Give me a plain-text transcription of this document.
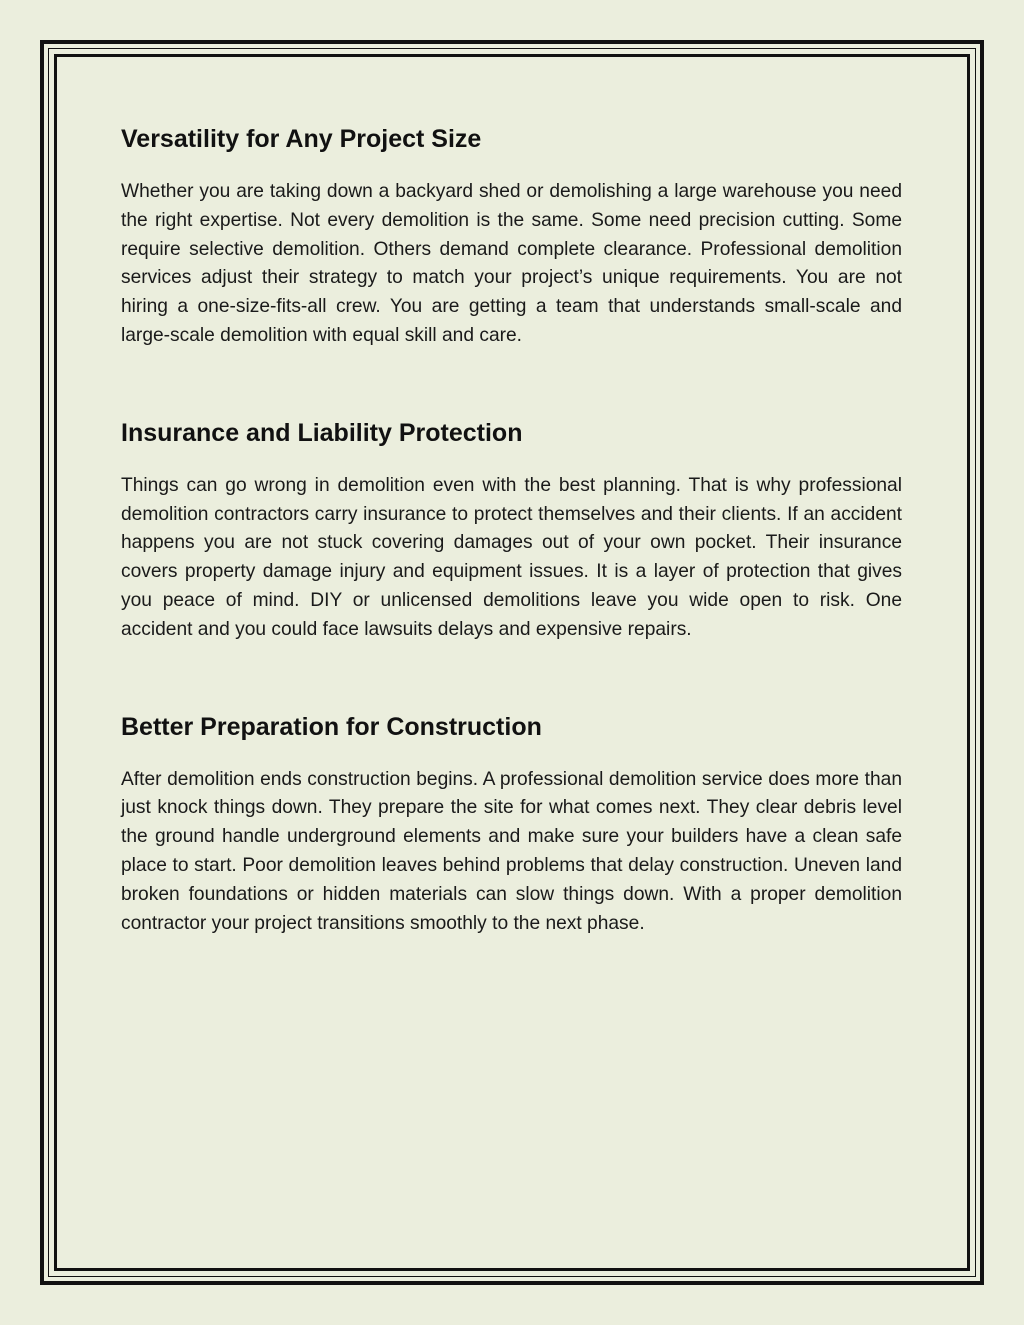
Versatility for Any Project Size

Whether you are taking down a backyard shed or demolishing a large warehouse you need the right expertise. Not every demolition is the same. Some need precision cutting. Some require selective demolition. Others demand complete clearance. Professional demolition services adjust their strategy to match your project’s unique requirements. You are not hiring a one-size-fits-all crew. You are getting a team that understands small-scale and large-scale demolition with equal skill and care.

Insurance and Liability Protection

Things can go wrong in demolition even with the best planning. That is why professional demolition contractors carry insurance to protect themselves and their clients. If an accident happens you are not stuck covering damages out of your own pocket. Their insurance covers property damage injury and equipment issues. It is a layer of protection that gives you peace of mind. DIY or unlicensed demolitions leave you wide open to risk. One accident and you could face lawsuits delays and expensive repairs.

Better Preparation for Construction

After demolition ends construction begins. A professional demolition service does more than just knock things down. They prepare the site for what comes next. They clear debris level the ground handle underground elements and make sure your builders have a clean safe place to start. Poor demolition leaves behind problems that delay construction. Uneven land broken foundations or hidden materials can slow things down. With a proper demolition contractor your project transitions smoothly to the next phase.
